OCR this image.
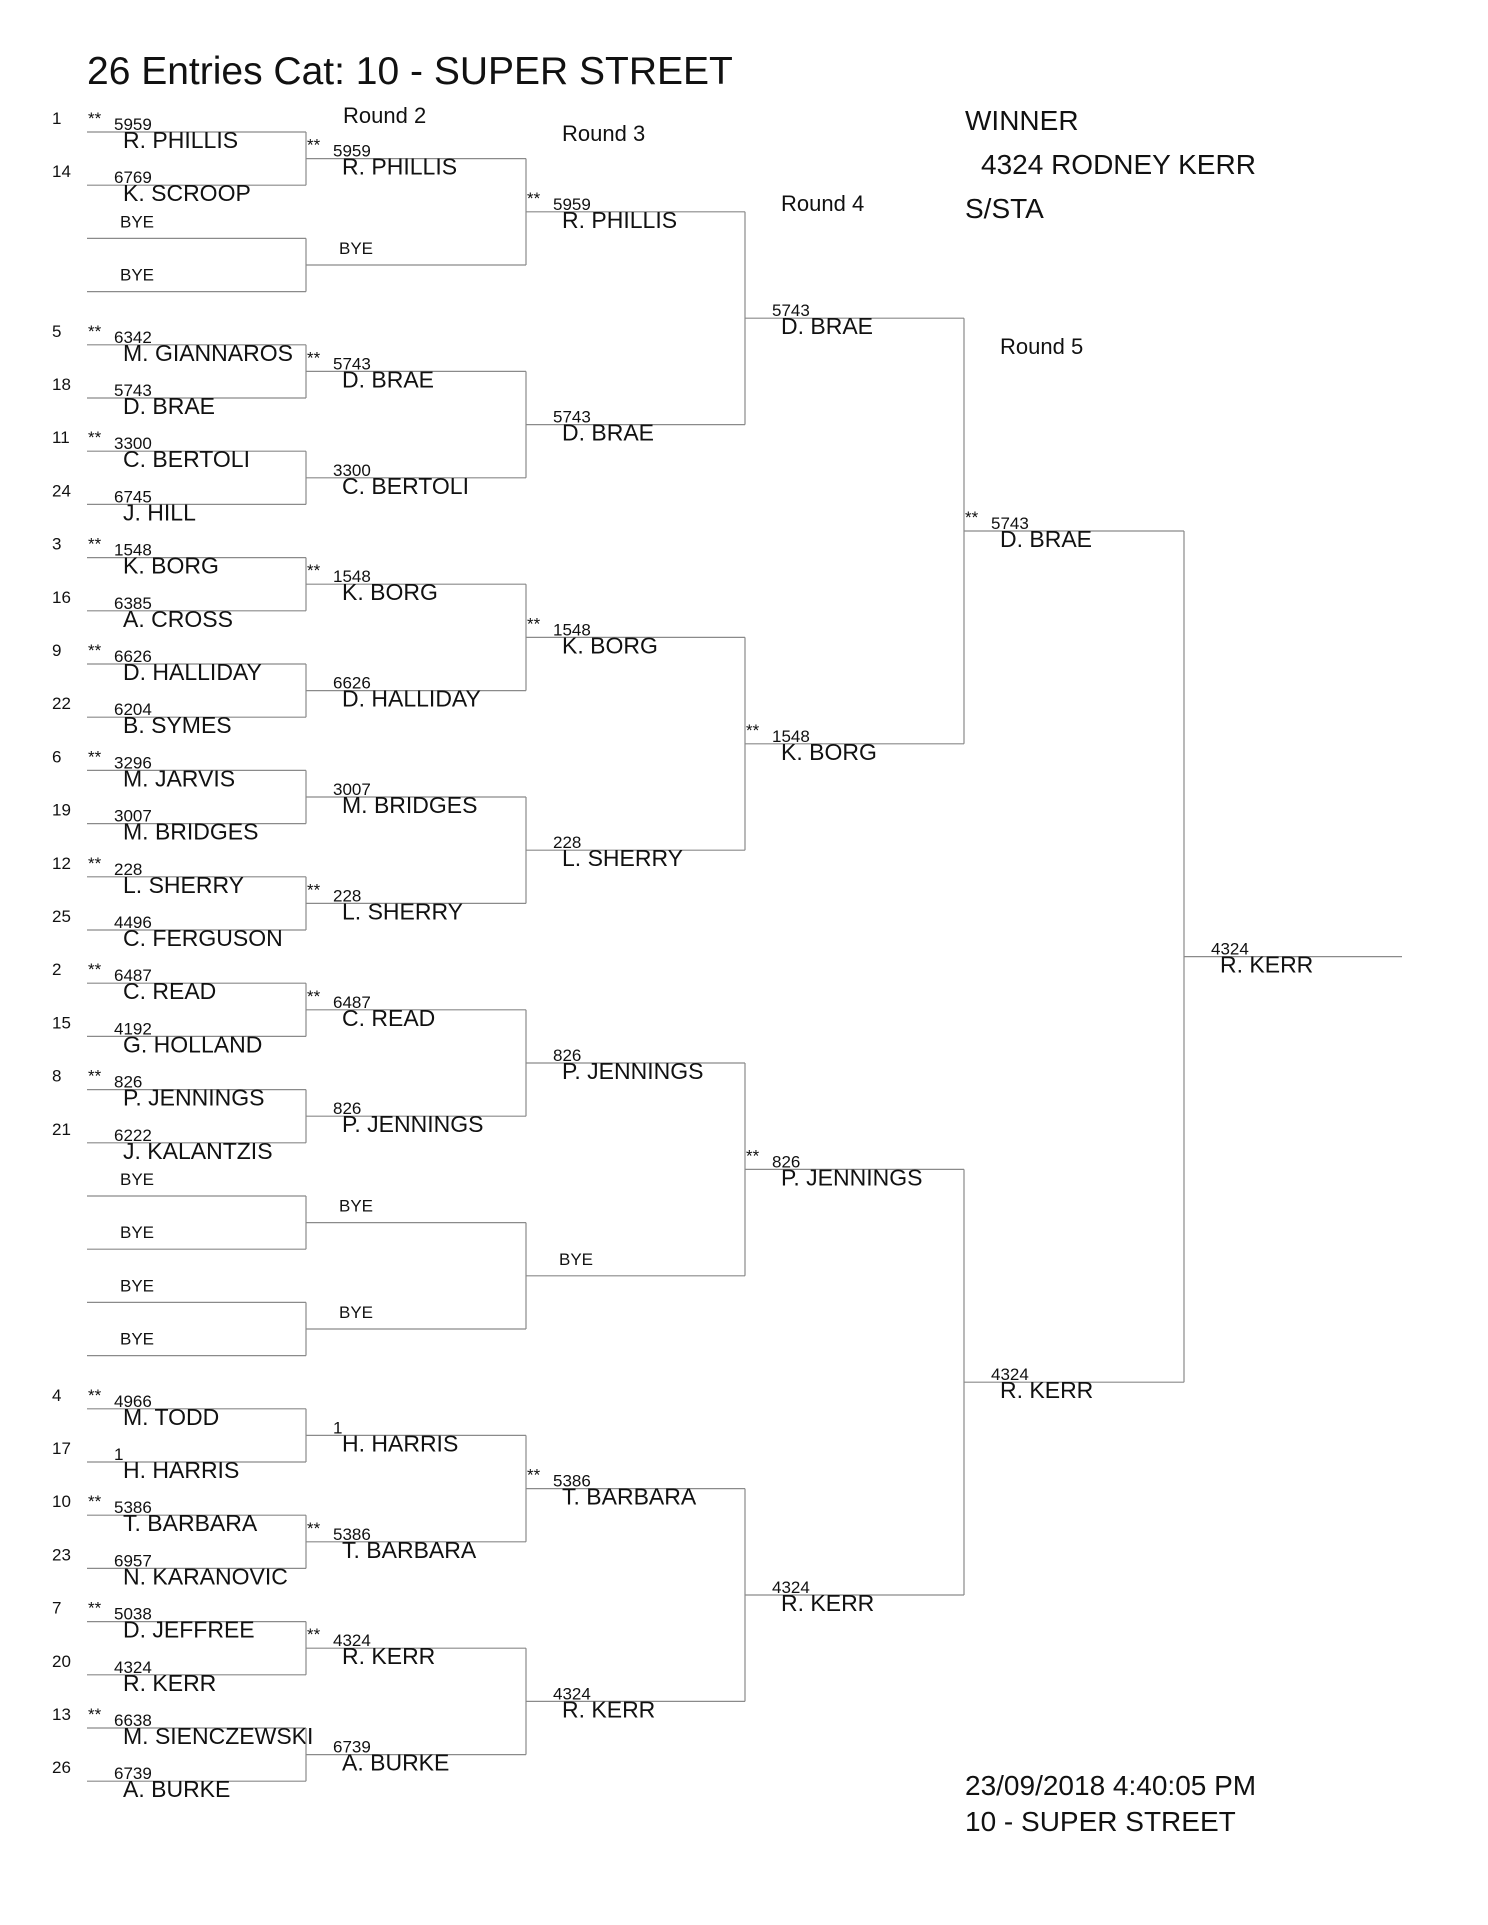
26 Entries Cat: 10 - SUPER STREET
Round 2
Round 3
Round 4
Round 5
WINNER
4324 RODNEY KERR
S/STA
23/09/2018 4:40:05 PM
10 - SUPER STREET
1 ** 5959
R. PHILLIS
14	6769
K. SCROOP
BYE
BYE
5 ** 6342
M. GIANNAROS
18	5743
D. BRAE
11 ** 3300
C. BERTOLI
24	6745
J. HILL
3 ** 1548
K. BORG
16	6385
A. CROSS
9 ** 6626
D. HALLIDAY
22	6204
B. SYMES
6 ** 3296
M. JARVIS
19	3007
M. BRIDGES
12 ** 228
L. SHERRY
25	4496
C. FERGUSON
2 ** 6487
C. READ
15	4192
G. HOLLAND
8 ** 826
P. JENNINGS
21	6222
J. KALANTZIS
BYE
BYE
BYE
BYE
4 ** 4966
M. TODD
17	1
H. HARRIS
10 ** 5386
T. BARBARA
23	6957
N. KARANOVIC
7 ** 5038
D. JEFFREE
20	4324
R. KERR
13 ** 6638
M. SIENCZEWSKI
26	6739
A. BURKE
** 5959
R. PHILLIS
BYE
** 5743
D. BRAE
3300
C. BERTOLI
** 1548
K. BORG
6626
D. HALLIDAY
3007
M. BRIDGES
** 228
L. SHERRY
** 6487
C. READ
826
P. JENNINGS
BYE
BYE
1
H. HARRIS
** 5386
T. BARBARA
** 4324
R. KERR
6739
A. BURKE
** 5959
R. PHILLIS
5743
D. BRAE
** 1548
K. BORG
228
L. SHERRY
826
P. JENNINGS
BYE
** 5386
T. BARBARA
4324
R. KERR
5743
D. BRAE
** 1548
K. BORG
** 826
P. JENNINGS
4324
R. KERR
** 5743
D. BRAE
4324
R. KERR
4324
R. KERR
